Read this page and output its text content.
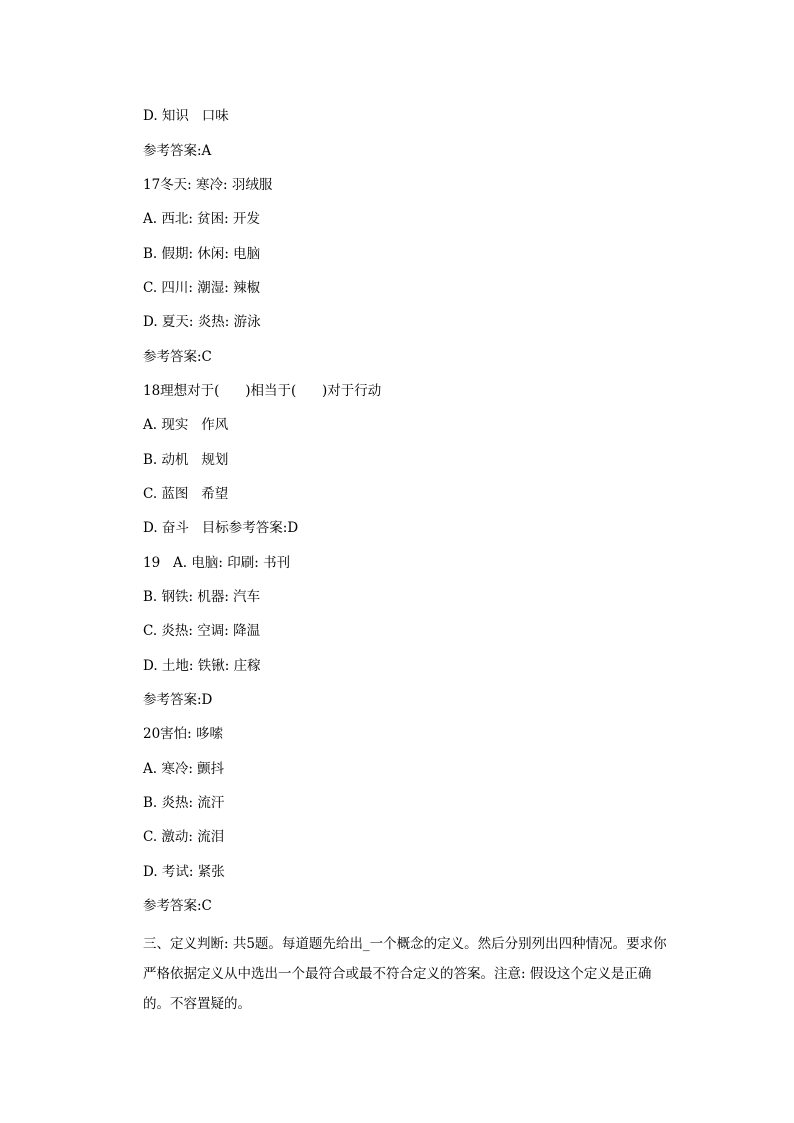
D. 知识   口味
参考答案:A
17冬天: 寒冷: 羽绒服
A. 西北: 贫困: 开发
B. 假期: 休闲: 电脑
C. 四川: 潮湿: 辣椒
D. 夏天: 炎热: 游泳
参考答案:C
18理想对于(      )相当于(      )对于行动
A. 现实   作风
B. 动机   规划
C. 蓝图   希望
D. 奋斗   目标参考答案:D
19   A. 电脑: 印刷: 书刊
B. 钢铁: 机器: 汽车
C. 炎热: 空调: 降温
D. 土地: 铁锹: 庄稼
参考答案:D
20害怕: 哆嗦
A. 寒冷: 颤抖
B. 炎热: 流汗
C. 激动: 流泪
D. 考试: 紧张
参考答案:C
三、定义判断: 共5题。每道题先给出_一个概念的定义。然后分别列出四种情况。要求你严格依据定义从中选出一个最符合或最不符合定义的答案。注意: 假设这个定义是正确的。不容置疑的。
